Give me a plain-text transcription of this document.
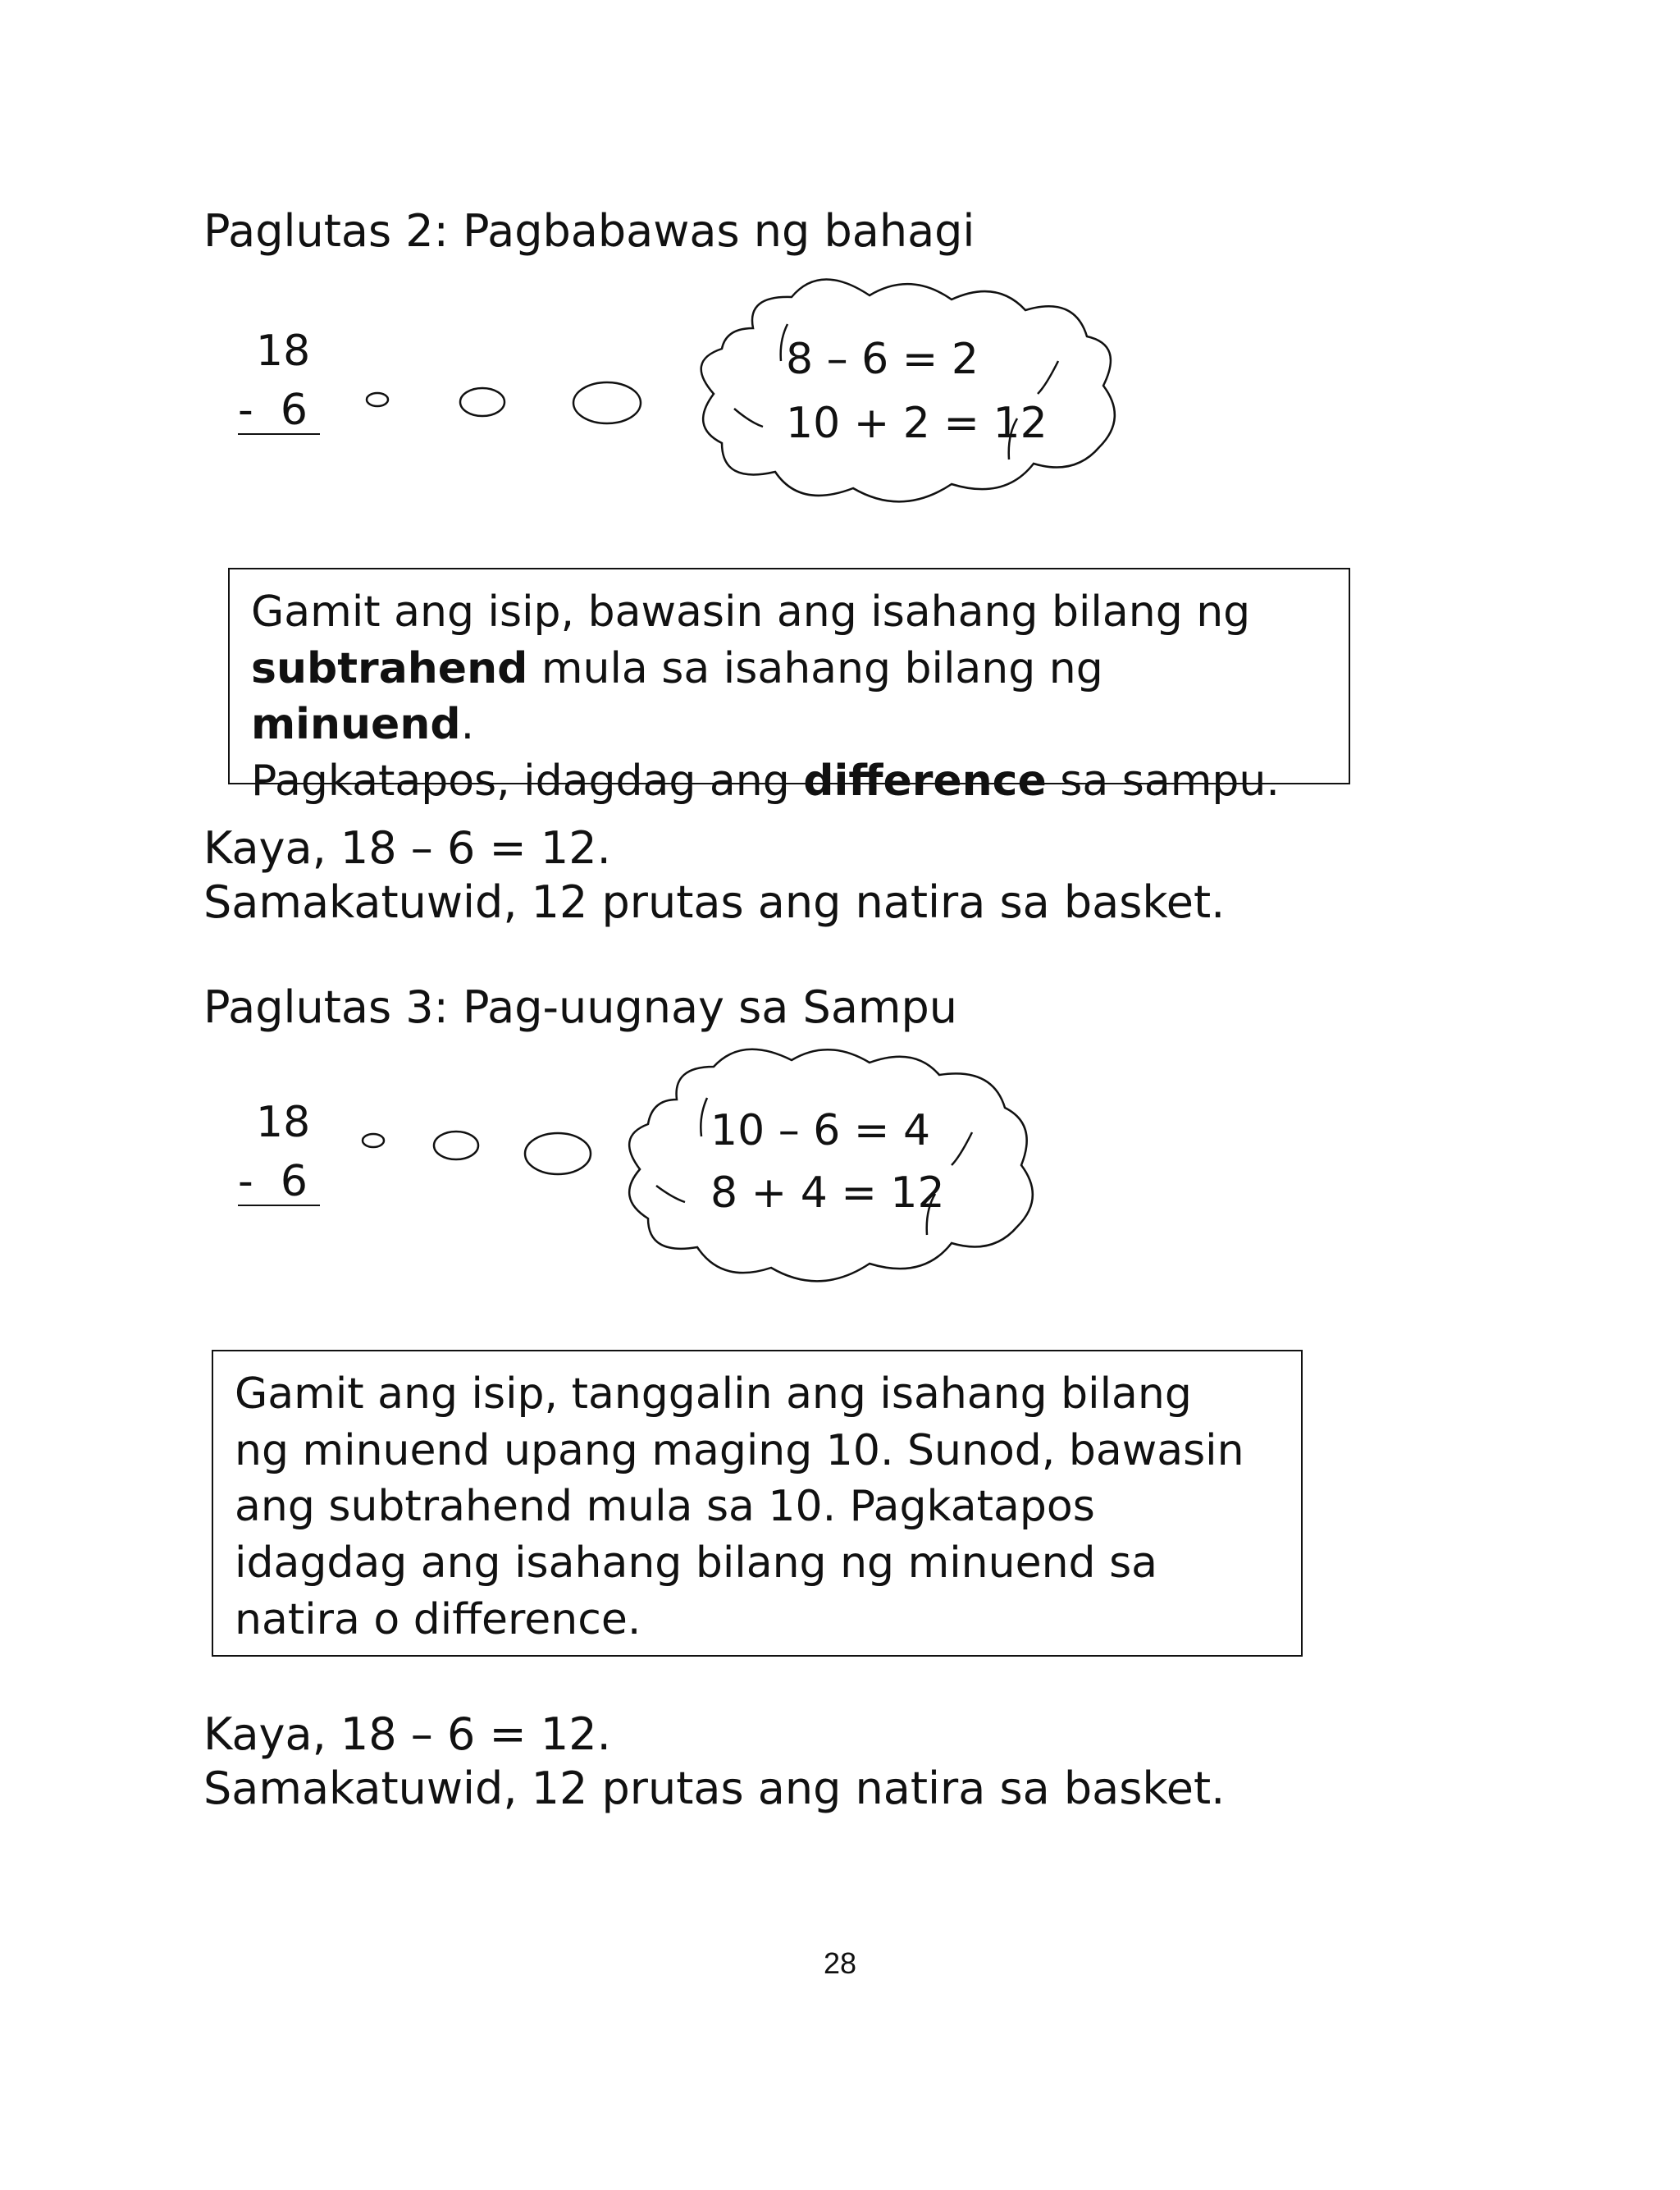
Paglutas 2: Pagbabawas ng bahagi
18
-  6
8 – 6 = 2
10 + 2 = 12
Gamit ang isip, bawasin ang isahang bilang ng
subtrahend mula sa isahang bilang ng minuend.
Pagkatapos, idagdag ang difference sa sampu.
Kaya, 18 – 6 = 12.
Samakatuwid, 12 prutas ang natira sa basket.
Paglutas 3: Pag-uugnay sa Sampu
18
-  6
10 – 6 = 4
8 + 4 = 12
Gamit ang isip, tanggalin ang isahang bilang
ng minuend upang maging 10. Sunod, bawasin
ang subtrahend mula sa 10. Pagkatapos
idagdag ang isahang bilang ng minuend sa
natira o difference.
Kaya, 18 – 6 = 12.
Samakatuwid, 12 prutas ang natira sa basket.
28
